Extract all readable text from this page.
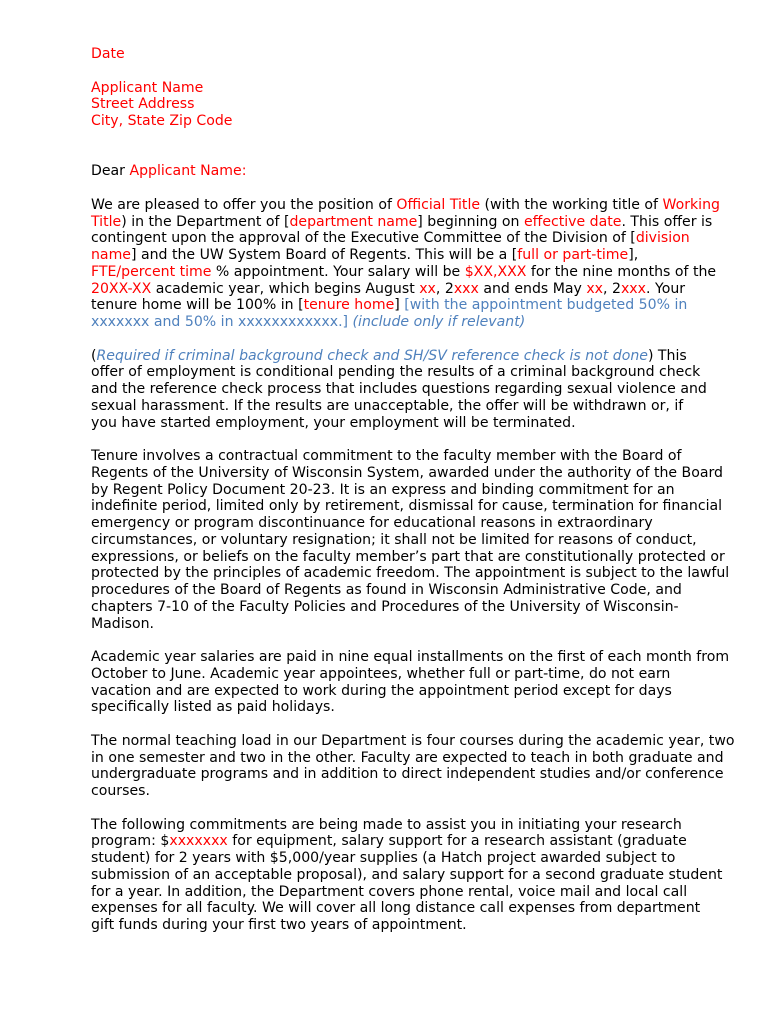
Date
Applicant Name
Street Address
City, State Zip Code
Dear Applicant Name:
We are pleased to offer you the position of Official Title (with the working title of Working
Title) in the Department of [department name] beginning on effective date. This offer is
contingent upon the approval of the Executive Committee of the Division of [division
name] and the UW System Board of Regents. This will be a [full or part-time],
FTE/percent time % appointment. Your salary will be $XX,XXX for the nine months of the
20XX-XX academic year, which begins August xx, 2xxx and ends May xx, 2xxx. Your
tenure home will be 100% in [tenure home] [with the appointment budgeted 50% in
xxxxxxx and 50% in xxxxxxxxxxxx.] (include only if relevant)
(Required if criminal background check and SH/SV reference check is not done) This
offer of employment is conditional pending the results of a criminal background check
and the reference check process that includes questions regarding sexual violence and
sexual harassment. If the results are unacceptable, the offer will be withdrawn or, if
you have started employment, your employment will be terminated.
Tenure involves a contractual commitment to the faculty member with the Board of
Regents of the University of Wisconsin System, awarded under the authority of the Board
by Regent Policy Document 20-23. It is an express and binding commitment for an
indefinite period, limited only by retirement, dismissal for cause, termination for financial
emergency or program discontinuance for educational reasons in extraordinary
circumstances, or voluntary resignation; it shall not be limited for reasons of conduct,
expressions, or beliefs on the faculty member’s part that are constitutionally protected or
protected by the principles of academic freedom. The appointment is subject to the lawful
procedures of the Board of Regents as found in Wisconsin Administrative Code, and
chapters 7-10 of the Faculty Policies and Procedures of the University of Wisconsin-
Madison.
Academic year salaries are paid in nine equal installments on the first of each month from
October to June. Academic year appointees, whether full or part-time, do not earn
vacation and are expected to work during the appointment period except for days
specifically listed as paid holidays.
The normal teaching load in our Department is four courses during the academic year, two
in one semester and two in the other. Faculty are expected to teach in both graduate and
undergraduate programs and in addition to direct independent studies and/or conference
courses.
The following commitments are being made to assist you in initiating your research
program: $xxxxxxx for equipment, salary support for a research assistant (graduate
student) for 2 years with $5,000/year supplies (a Hatch project awarded subject to
submission of an acceptable proposal), and salary support for a second graduate student
for a year. In addition, the Department covers phone rental, voice mail and local call
expenses for all faculty. We will cover all long distance call expenses from department
gift funds during your first two years of appointment.
